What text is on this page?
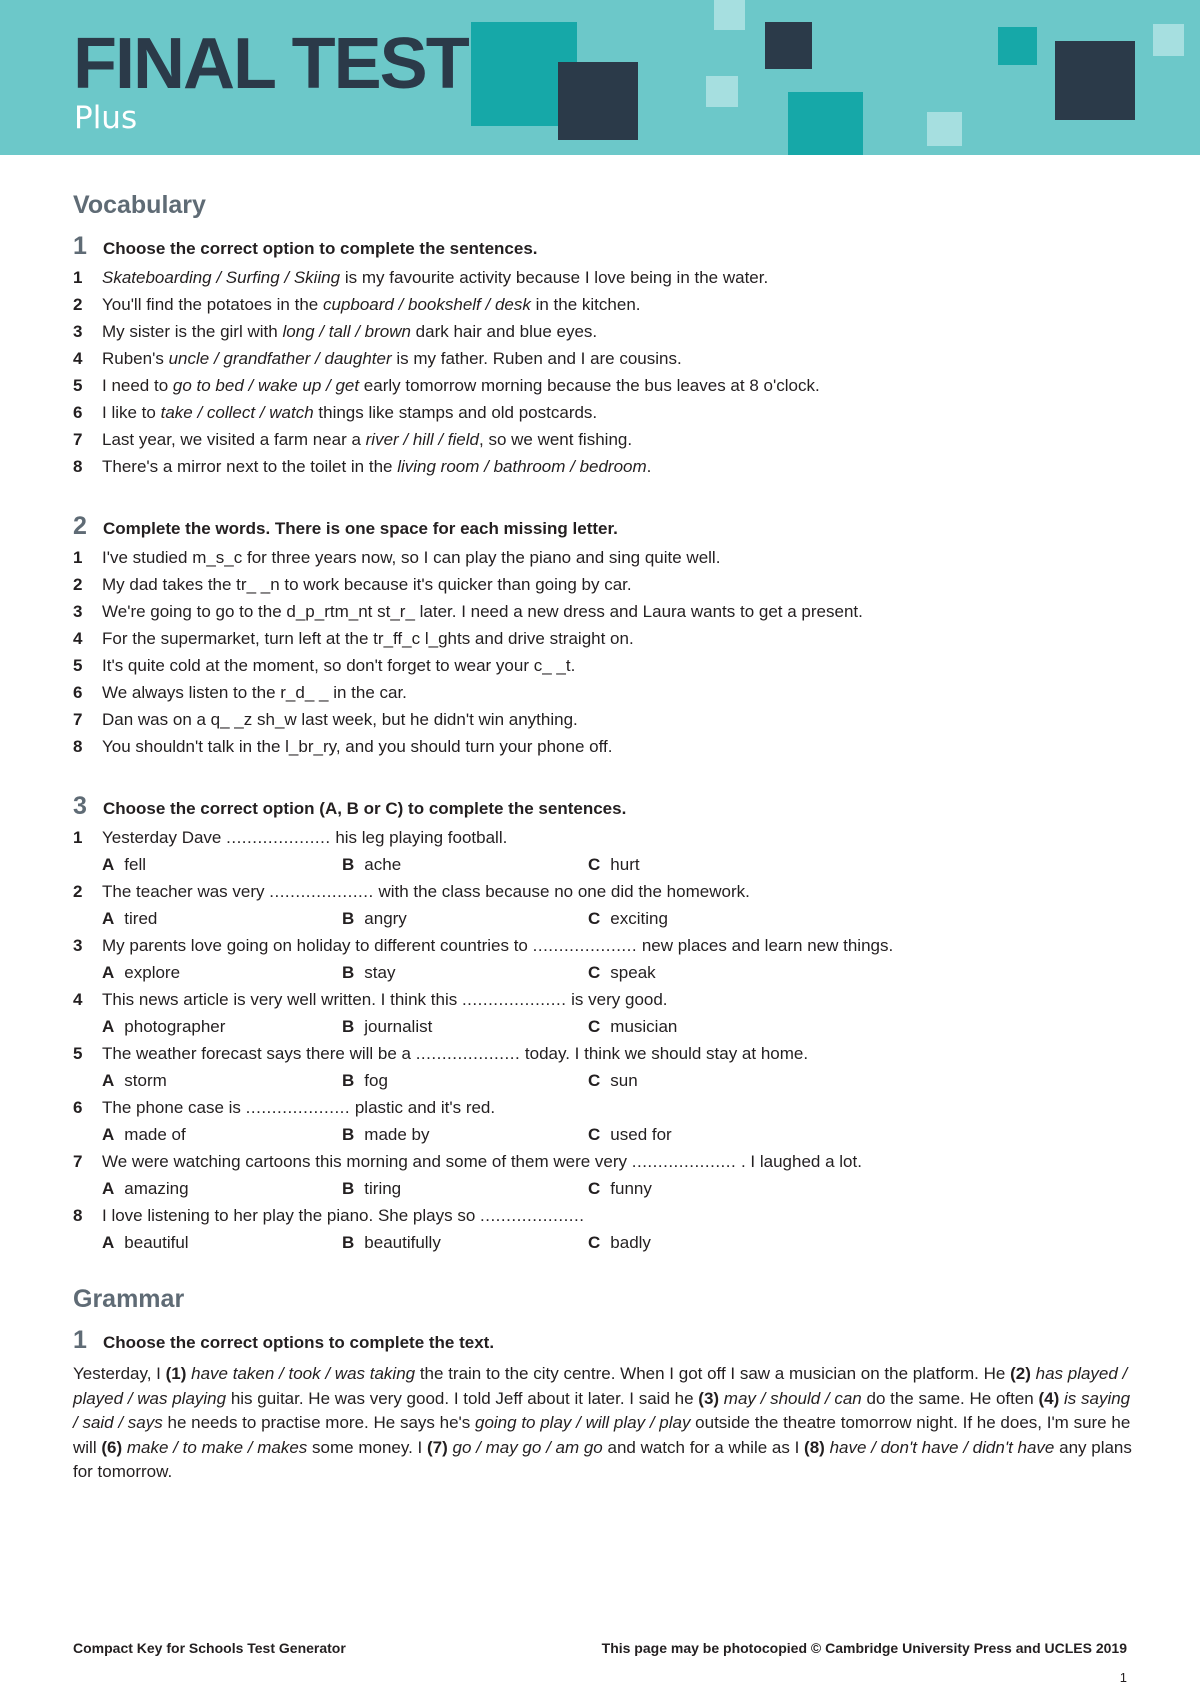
FINAL TEST
Plus
Vocabulary
1 Choose the correct option to complete the sentences.
1	Skateboarding / Surfing / Skiing is my favourite activity because I love being in the water.
2	You'll find the potatoes in the cupboard / bookshelf / desk in the kitchen.
3	My sister is the girl with long / tall / brown dark hair and blue eyes.
4	Ruben's uncle / grandfather / daughter is my father. Ruben and I are cousins.
5	I need to go to bed / wake up / get early tomorrow morning because the bus leaves at 8 o'clock.
6	I like to take / collect / watch things like stamps and old postcards.
7	Last year, we visited a farm near a river / hill / field, so we went fishing.
8	There's a mirror next to the toilet in the living room / bathroom / bedroom.
2 Complete the words. There is one space for each missing letter.
1	I've studied m_s_c for three years now, so I can play the piano and sing quite well.
2	My dad takes the tr_ _n to work because it's quicker than going by car.
3	We're going to go to the d_p_rtm_nt st_r_ later. I need a new dress and Laura wants to get a present.
4	For the supermarket, turn left at the tr_ff_c l_ghts and drive straight on.
5	It's quite cold at the moment, so don't forget to wear your c_ _t.
6	We always listen to the r_d_ _ in the car.
7	Dan was on a q_ _z sh_w last week, but he didn't win anything.
8	You shouldn't talk in the l_br_ry, and you should turn your phone off.
3 Choose the correct option (A, B or C) to complete the sentences.
1	Yesterday Dave .................... his leg playing football.
A fell	B ache	C hurt
2	The teacher was very .................... with the class because no one did the homework.
A tired	B angry	C exciting
3	My parents love going on holiday to different countries to .................... new places and learn new things.
A explore	B stay	C speak
4	This news article is very well written. I think this .................... is very good.
A photographer	B journalist	C musician
5	The weather forecast says there will be a .................... today. I think we should stay at home.
A storm	B fog	C sun
6	The phone case is .................... plastic and it's red.
A made of	B made by	C used for
7	We were watching cartoons this morning and some of them were very .................... . I laughed a lot.
A amazing	B tiring	C funny
8	I love listening to her play the piano. She plays so ....................
A beautiful	B beautifully	C badly
Grammar
1 Choose the correct options to complete the text.

Yesterday, I (1) have taken / took / was taking the train to the city centre. When I got off I saw a musician on the platform. He (2) has played / played / was playing his guitar. He was very good. I told Jeff about it later. I said he (3) may / should / can do the same. He often (4) is saying / said / says he needs to practise more. He says he's going to play / will play / play outside the theatre tomorrow night. If he does, I'm sure he will (6) make / to make / makes some money. I (7) go / may go / am go and watch for a while as I (8) have / don't have / didn't have any plans for tomorrow.

Compact Key for Schools Test Generator	This page may be photocopied © Cambridge University Press and UCLES 2019
1
